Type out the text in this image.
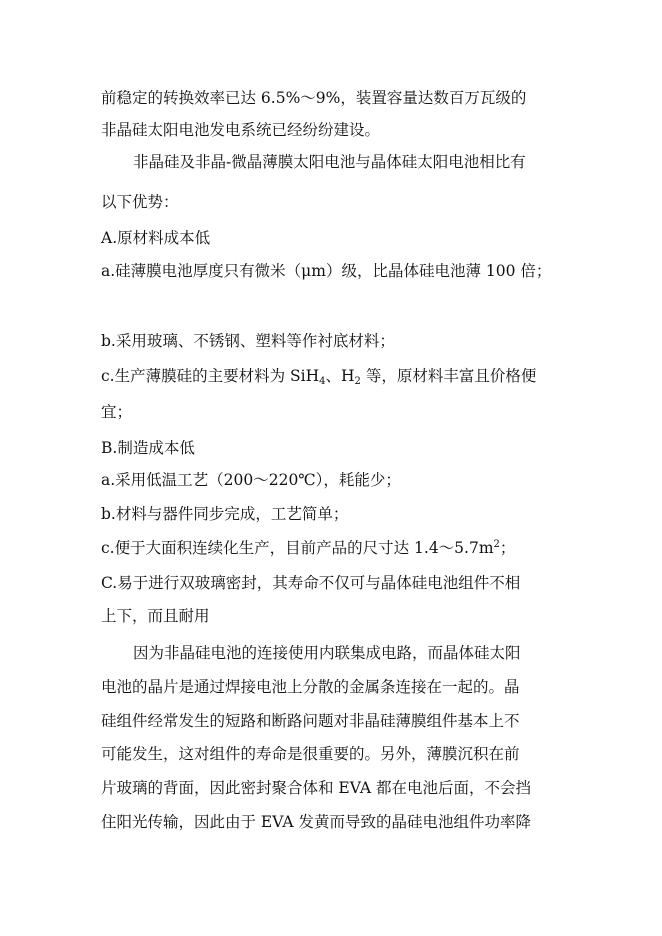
前稳定的转换效率已达 6.5%～9%，装置容量达数百万瓦级的
非晶硅太阳电池发电系统已经纷纷建设。
非晶硅及非晶-微晶薄膜太阳电池与晶体硅太阳电池相比有
以下优势：
A.原材料成本低
a.硅薄膜电池厚度只有微米（μm）级，比晶体硅电池薄 100 倍；
b.采用玻璃、不锈钢、塑料等作衬底材料；
c.生产薄膜硅的主要材料为 SiH$_4$、$H_2$ 等，原材料丰富且价格便
宜；
B.制造成本低
a.采用低温工艺（200～220℃），耗能少；
b.材料与器件同步完成，工艺简单；
c.便于大面积连续化生产，目前产品的尺寸达 $1.4\sim 5.7m^2$；
C.易于进行双玻璃密封，其寿命不仅可与晶体硅电池组件不相
上下，而且耐用
因为非晶硅电池的连接使用内联集成电路，而晶体硅太阳
电池的晶片是通过焊接电池上分散的金属条连接在一起的。晶
硅组件经常发生的短路和断路问题对非晶硅薄膜组件基本上不
可能发生，这对组件的寿命是很重要的。另外，薄膜沉积在前
片玻璃的背面，因此密封聚合体和 EVA 都在电池后面，不会挡
住阳光传输，因此由于 EVA 发黄而导致的晶硅电池组件功率降
